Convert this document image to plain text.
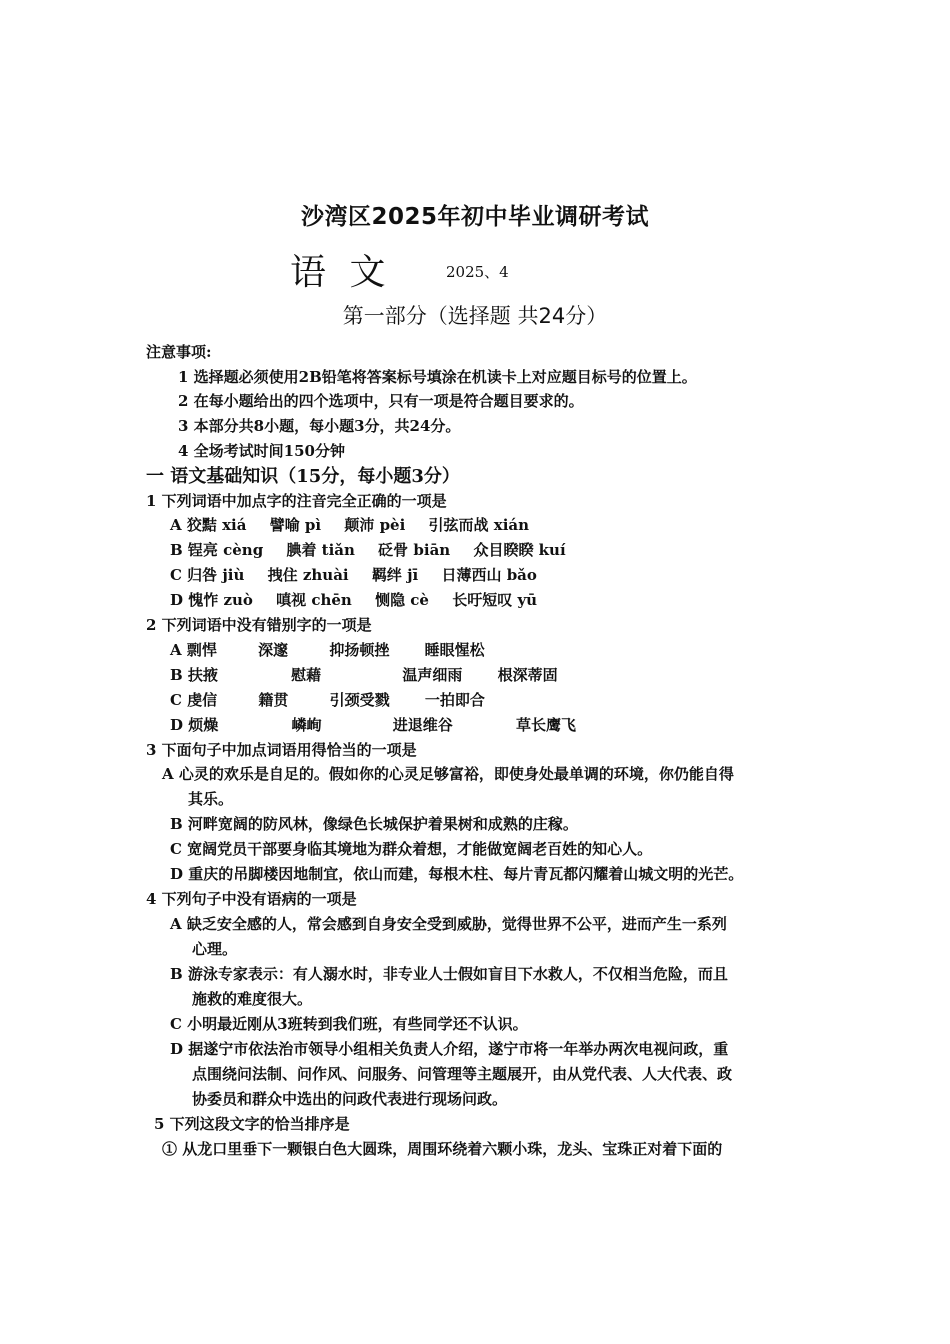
沙湾区2025年初中毕业调研考试
语 文	2025、4
第一部分（选择题 共24分）
注意事项:
1 选择题必须使用2B铅笔将答案标号填涂在机读卡上对应题目标号的位置上。
2 在每小题给出的四个选项中，只有一项是符合题目要求的。
3 本部分共8小题，每小题3分，共24分。
4 全场考试时间150分钟
一 语文基础知识（15分，每小题3分）
1 下列词语中加点字的注音完全正确的一项是
A 狡黠 xiá 譬喻 pì 颠沛 pèi 引弦而战 xián
B 锃亮 cèng 腆着 tiǎn 砭骨 biān 众目睽睽 kuí
C 归咎 jiù 拽住 zhuài 羁绊 jī 日薄西山 bǎo
D 愧怍 zuò 嗔视 chēn 恻隐 cè 长吁短叹 yū
2 下列词语中没有错别字的一项是
A 剽悍	深邃	抑扬顿挫 睡眼惺松
B 扶掖	慰藉	温声细雨 根深蒂固
C 虔信	籍贯	引颈受戮 一拍即合
D 烦燥	嶙峋	进退维谷	草长鹰飞
3 下面句子中加点词语用得恰当的一项是
A 心灵的欢乐是自足的。假如你的心灵足够富裕，即使身处最单调的环境，你仍能自得
其乐。
B 河畔宽阔的防风林，像绿色长城保护着果树和成熟的庄稼。
C 宽阔党员干部要身临其境地为群众着想，才能做宽阔老百姓的知心人。
D 重庆的吊脚楼因地制宜，依山而建，每根木柱、每片青瓦都闪耀着山城文明的光芒。
4 下列句子中没有语病的一项是
A 缺乏安全感的人，常会感到自身安全受到威胁，觉得世界不公平，进而产生一系列
心理。
B 游泳专家表示：有人溺水时，非专业人士假如盲目下水救人，不仅相当危险，而且
施救的难度很大。
C 小明最近刚从3班转到我们班，有些同学还不认识。
D 据遂宁市依法治市领导小组相关负责人介绍，遂宁市将一年举办两次电视问政，重
点围绕问法制、问作风、问服务、问管理等主题展开，由从党代表、人大代表、政
协委员和群众中选出的问政代表进行现场问政。
5 下列这段文字的恰当排序是
① 从龙口里垂下一颗银白色大圆珠，周围环绕着六颗小珠，龙头、宝珠正对着下面的
